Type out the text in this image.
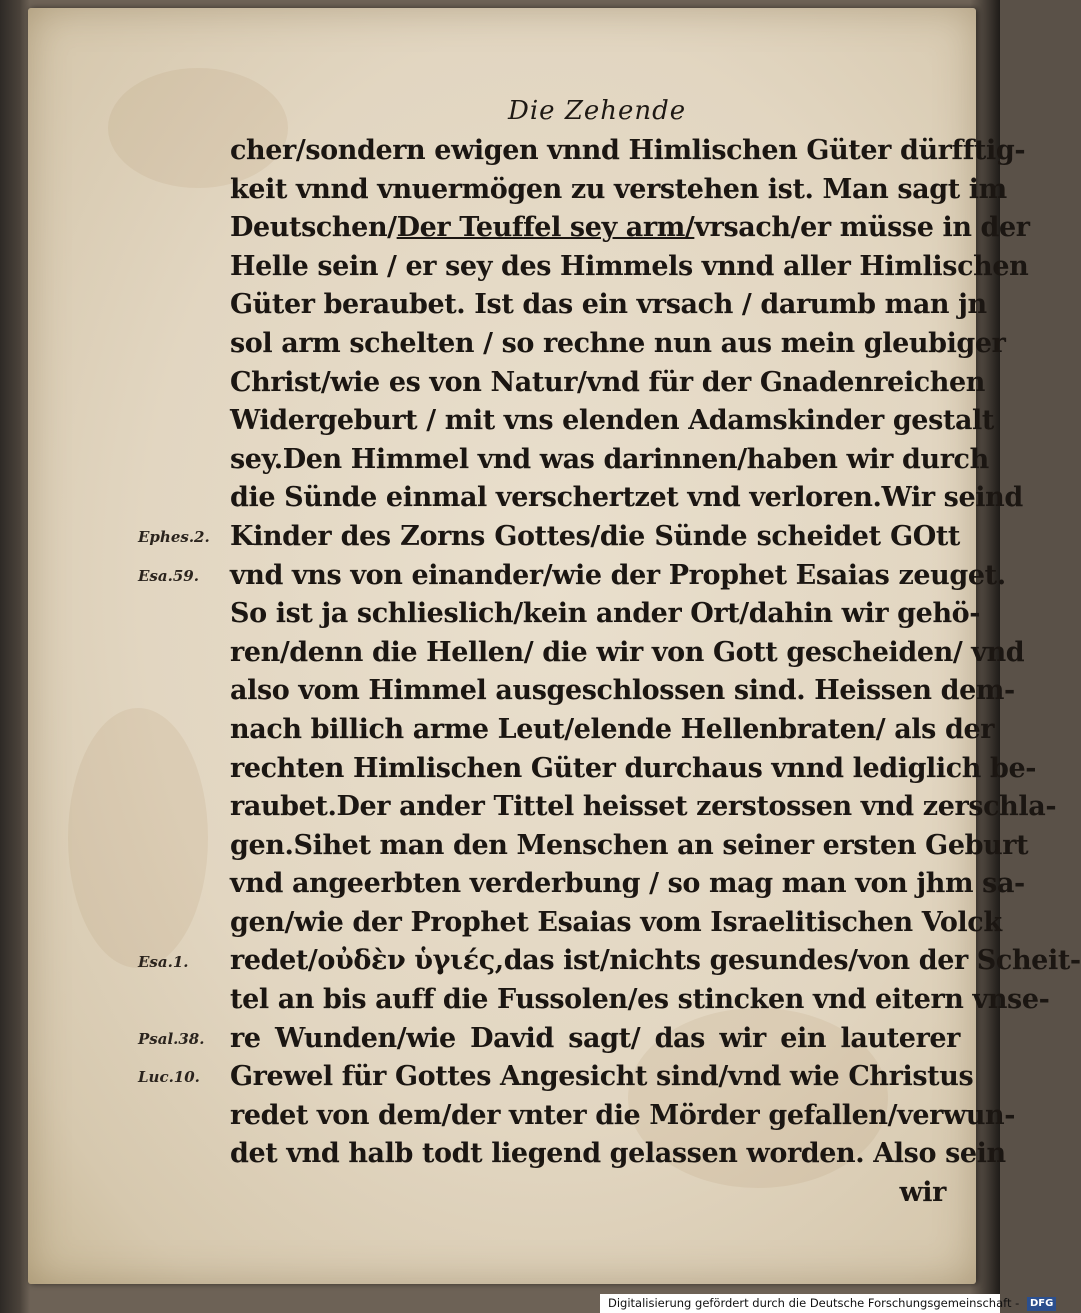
Die Zehende
cher/sondern ewigen vnnd Himlischen Güter dürfftig-
keit vnnd vnuermögen zu verstehen ist. Man sagt im
Deutschen/Der Teuffel sey arm/vrsach/er müsse in der
Helle sein / er sey des Himmels vnnd aller Himlischen
Güter beraubet. Ist das ein vrsach / darumb man jn
sol arm schelten / so rechne nun aus mein gleubiger
Christ/wie es von Natur/vnd für der Gnadenreichen
Widergeburt / mit vns elenden Adamskinder gestalt
sey.Den Himmel vnd was darinnen/haben wir durch
die Sünde einmal verschertzet vnd verloren.Wir seind
Kinder des Zorns Gottes/die Sünde scheidet GOtt
vnd vns von einander/wie der Prophet Esaias zeuget.
So ist ja schlieslich/kein ander Ort/dahin wir gehö-
ren/denn die Hellen/ die wir von Gott gescheiden/ vnd
also vom Himmel ausgeschlossen sind. Heissen dem-
nach billich arme Leut/elende Hellenbraten/ als der
rechten Himlischen Güter durchaus vnnd lediglich be-
raubet.Der ander Tittel heisset zerstossen vnd zerschla-
gen.Sihet man den Menschen an seiner ersten Geburt
vnd angeerbten verderbung / so mag man von jhm sa-
gen/wie der Prophet Esaias vom Israelitischen Volck
redet/οὐδὲν ὑγιές,das ist/nichts gesundes/von der Scheit-
tel an bis auff die Fussolen/es stincken vnd eitern vnse-
re Wunden/wie David sagt/ das wir ein lauterer
Grewel für Gottes Angesicht sind/vnd wie Christus
redet von dem/der vnter die Mörder gefallen/verwun-
det vnd halb todt liegend gelassen worden. Also sein
wir
Ephes.2.
Esa.59.
Esa.1.
Psal.38.
Luc.10.
Digitalisierung gefördert durch die Deutsche Forschungsgemeinschaft - DFG
